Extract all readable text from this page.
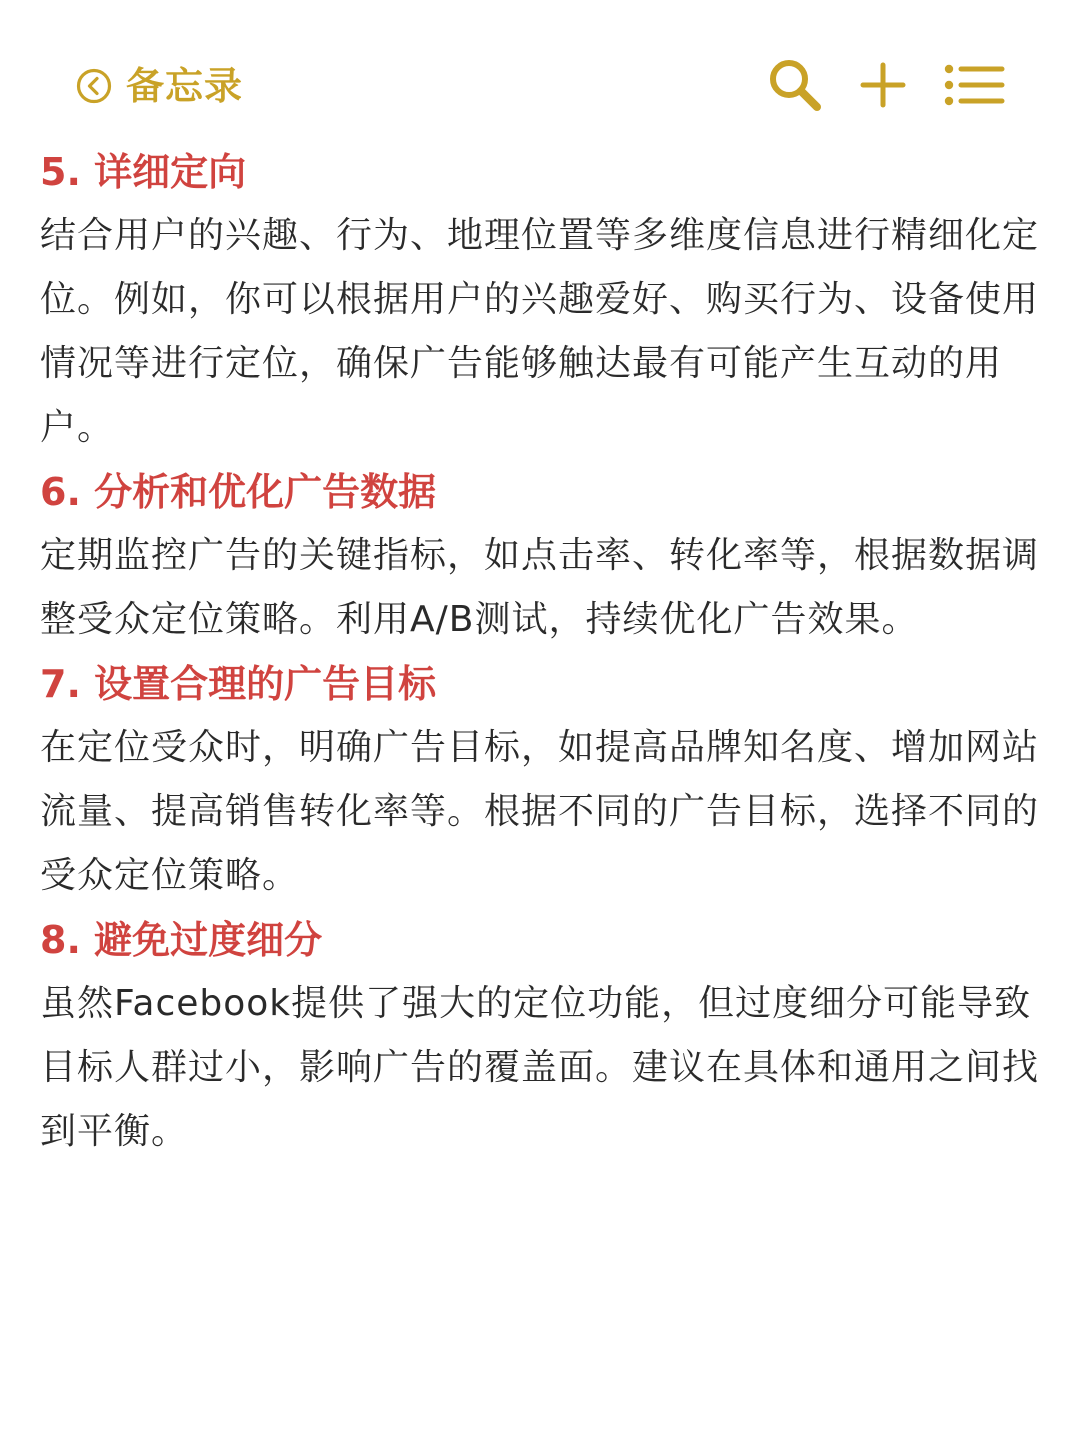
备忘录
5. 详细定向

结合用户的兴趣、行为、地理位置等多维度信息进行精细化定位。例如，你可以根据用户的兴趣爱好、购买行为、设备使用情况等进行定位，确保广告能够触达最有可能产生互动的用户。

6. 分析和优化广告数据

定期监控广告的关键指标，如点击率、转化率等，根据数据调整受众定位策略。利用A/B测试，持续优化广告效果。

7. 设置合理的广告目标

在定位受众时，明确广告目标，如提高品牌知名度、增加网站流量、提高销售转化率等。根据不同的广告目标，选择不同的受众定位策略。

8. 避免过度细分

虽然Facebook提供了强大的定位功能，但过度细分可能导致目标人群过小，影响广告的覆盖面。建议在具体和通用之间找到平衡。
